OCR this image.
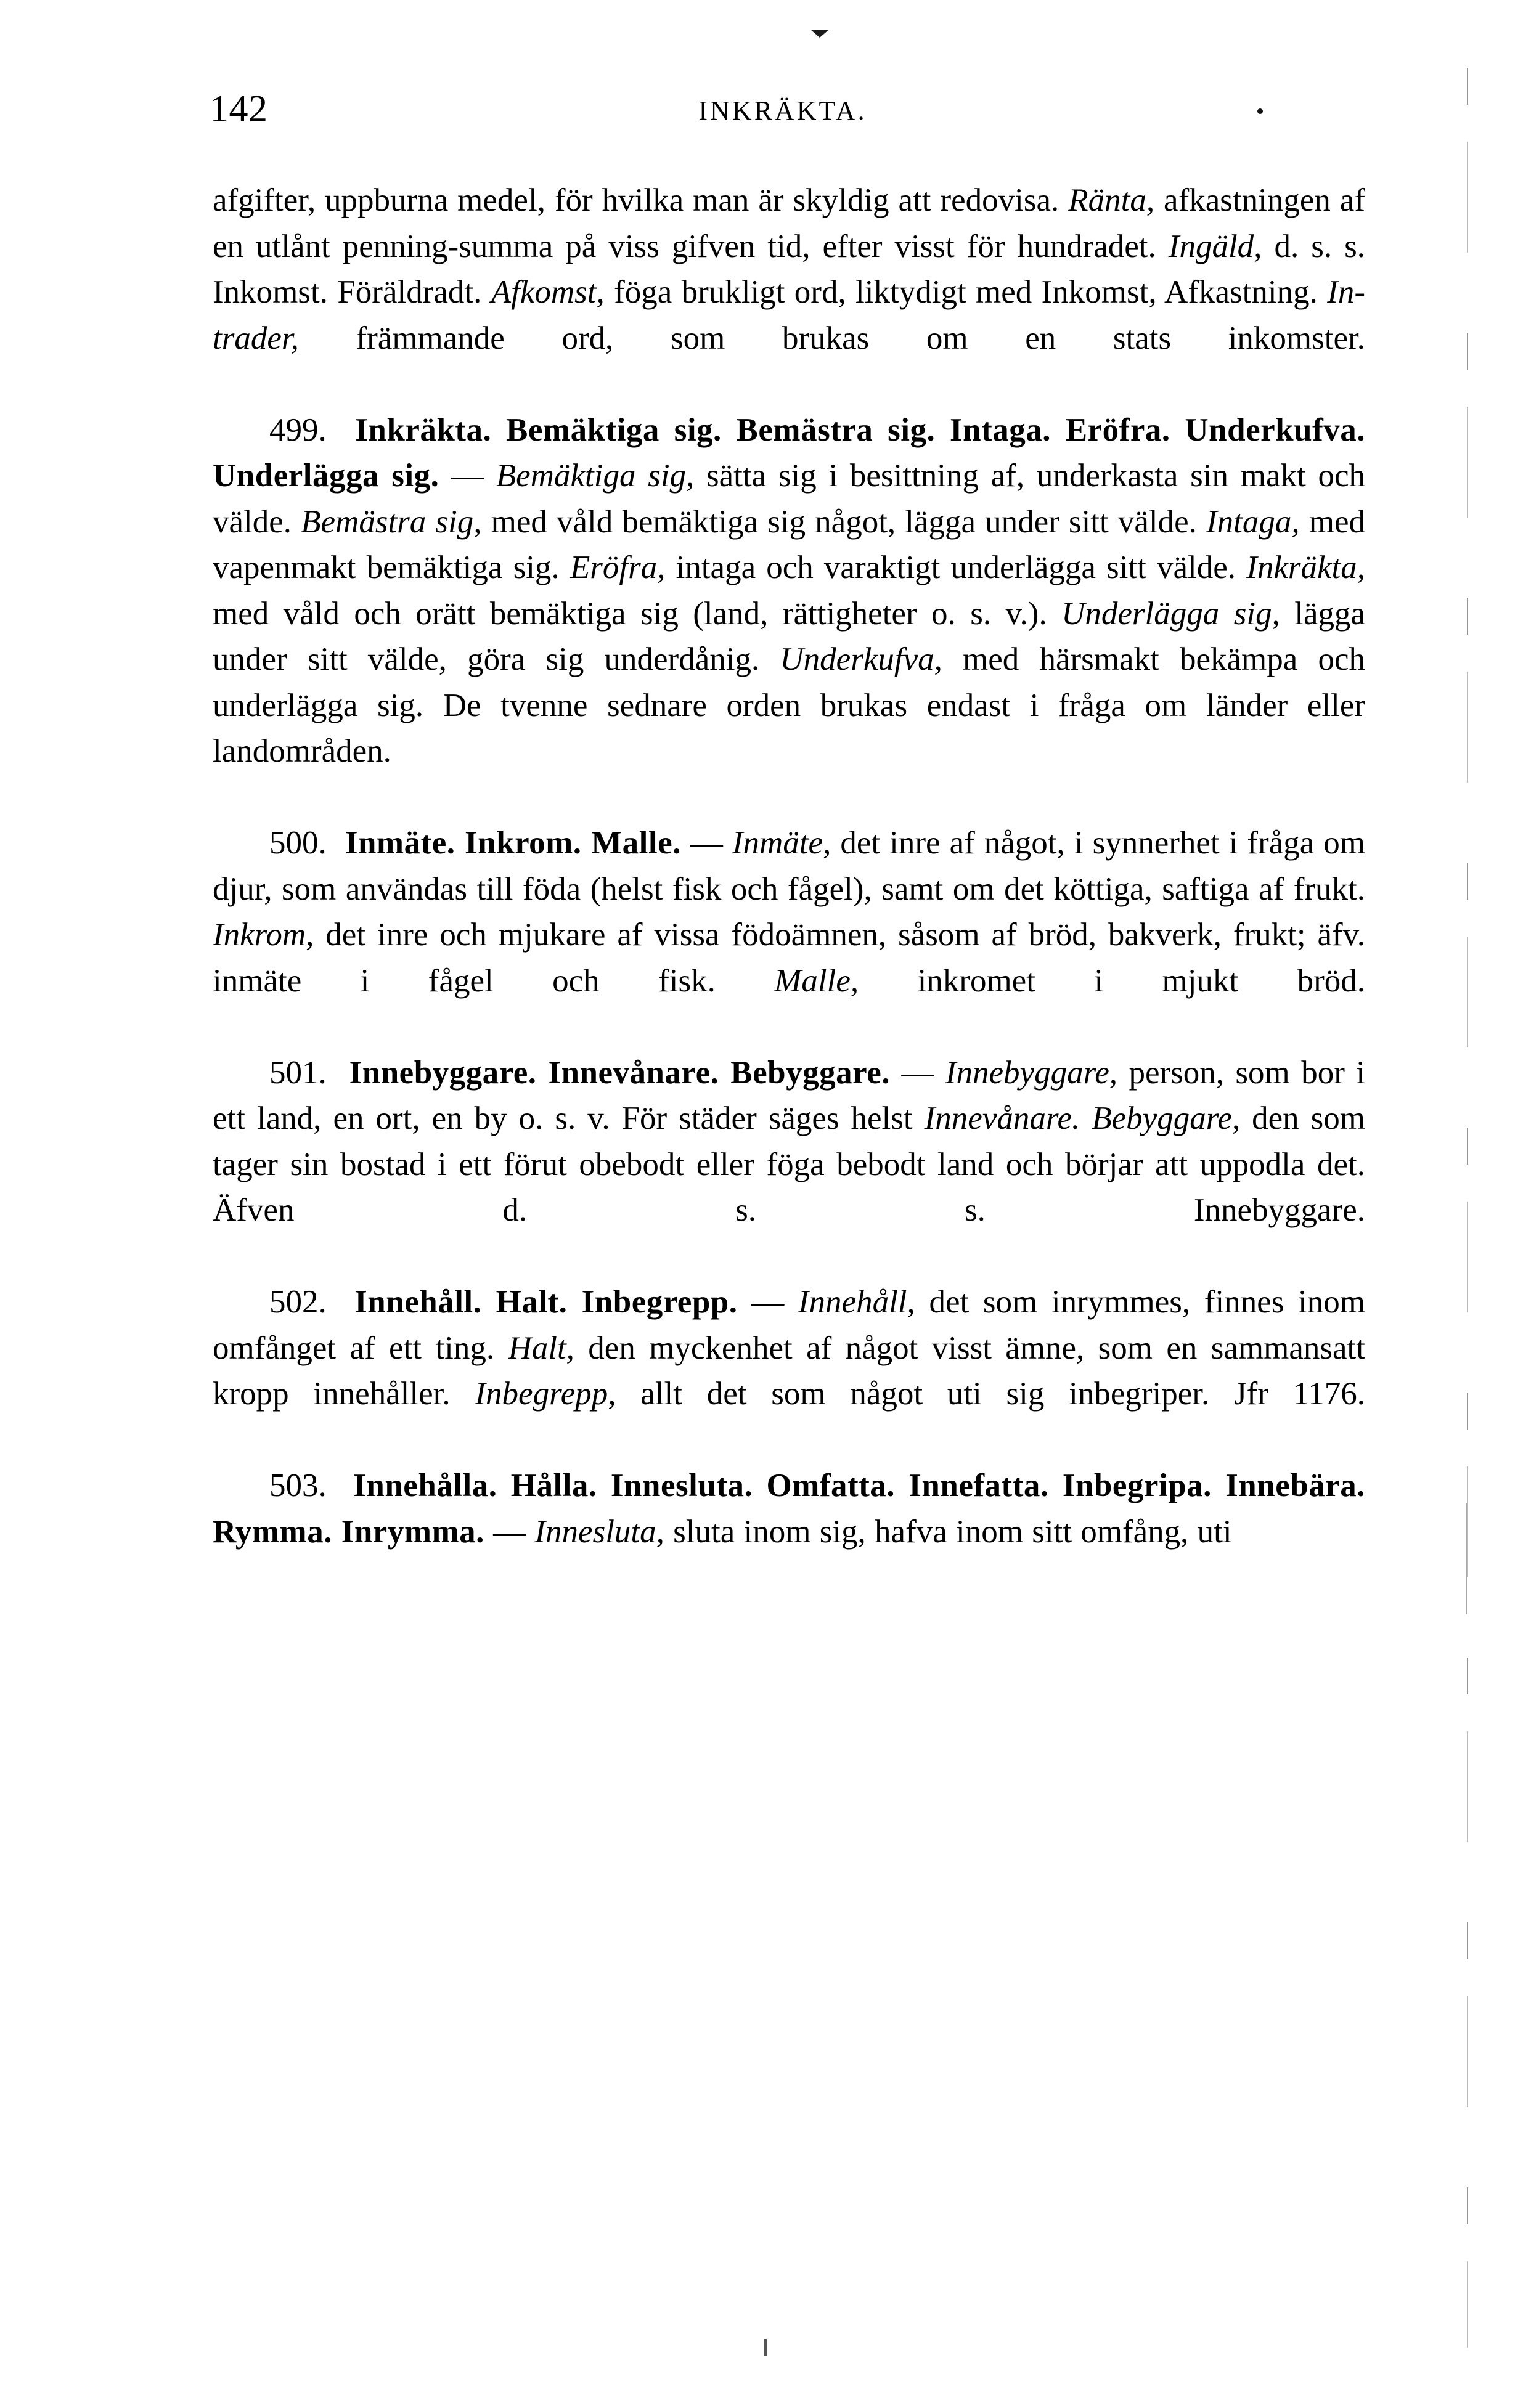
142	INKRÄKTA.

afgifter, uppburna medel, för hvilka man är skyldig att redovisa. Ränta, afkastningen af en utlånt penning-summa på viss gifven tid, efter visst för hundradet. Ingäld, d. s. s. Inkomst. Föräldradt. Afkomst, föga brukligt ord, liktydigt med Inkomst, Afkastning. Intrader, främmande ord, som brukas om en stats inkomster.

499. Inkräkta. Bemäktiga sig. Bemästra sig. Intaga. Eröfra. Underkufva. Underlägga sig. — Bemäktiga sig, sätta sig i besittning af, underkasta sin makt och välde. Bemästra sig, med våld bemäktiga sig något, lägga under sitt välde. Intaga, med vapenmakt bemäktiga sig. Eröfra, intaga och varaktigt underlägga sitt välde. Inkräkta, med våld och orätt bemäktiga sig (land, rättigheter o. s. v.). Underlägga sig, lägga under sitt välde, göra sig underdånig. Underkufva, med härsmakt bekämpa och underlägga sig. De tvenne sednare orden brukas endast i fråga om länder eller landområden.

500. Inmäte. Inkrom. Malle. — Inmäte, det inre af något, i synnerhet i fråga om djur, som användas till föda (helst fisk och fågel), samt om det köttiga, saftiga af frukt. Inkrom, det inre och mjukare af vissa födoämnen, såsom af bröd, bakverk, frukt; äfv. inmäte i fågel och fisk. Malle, inkromet i mjukt bröd.

501. Innebyggare. Innevånare. Bebyggare. — Innebyggare, person, som bor i ett land, en ort, en by o. s. v. För städer säges helst Innevånare. Bebyggare, den som tager sin bostad i ett förut obebodt eller föga bebodt land och börjar att uppodla det. Äfven d. s. s. Innebyggare.

502. Innehåll. Halt. Inbegrepp. — Innehåll, det som inrymmes, finnes inom omfånget af ett ting. Halt, den myckenhet af något visst ämne, som en sammansatt kropp innehåller. Inbegrepp, allt det som något uti sig inbegriper. Jfr 1176.

503. Innehålla. Hålla. Innesluta. Omfatta. Innefatta. Inbegripa. Innebära. Rymma. Inrymma. — Innesluta, sluta inom sig, hafva inom sitt omfång, uti
